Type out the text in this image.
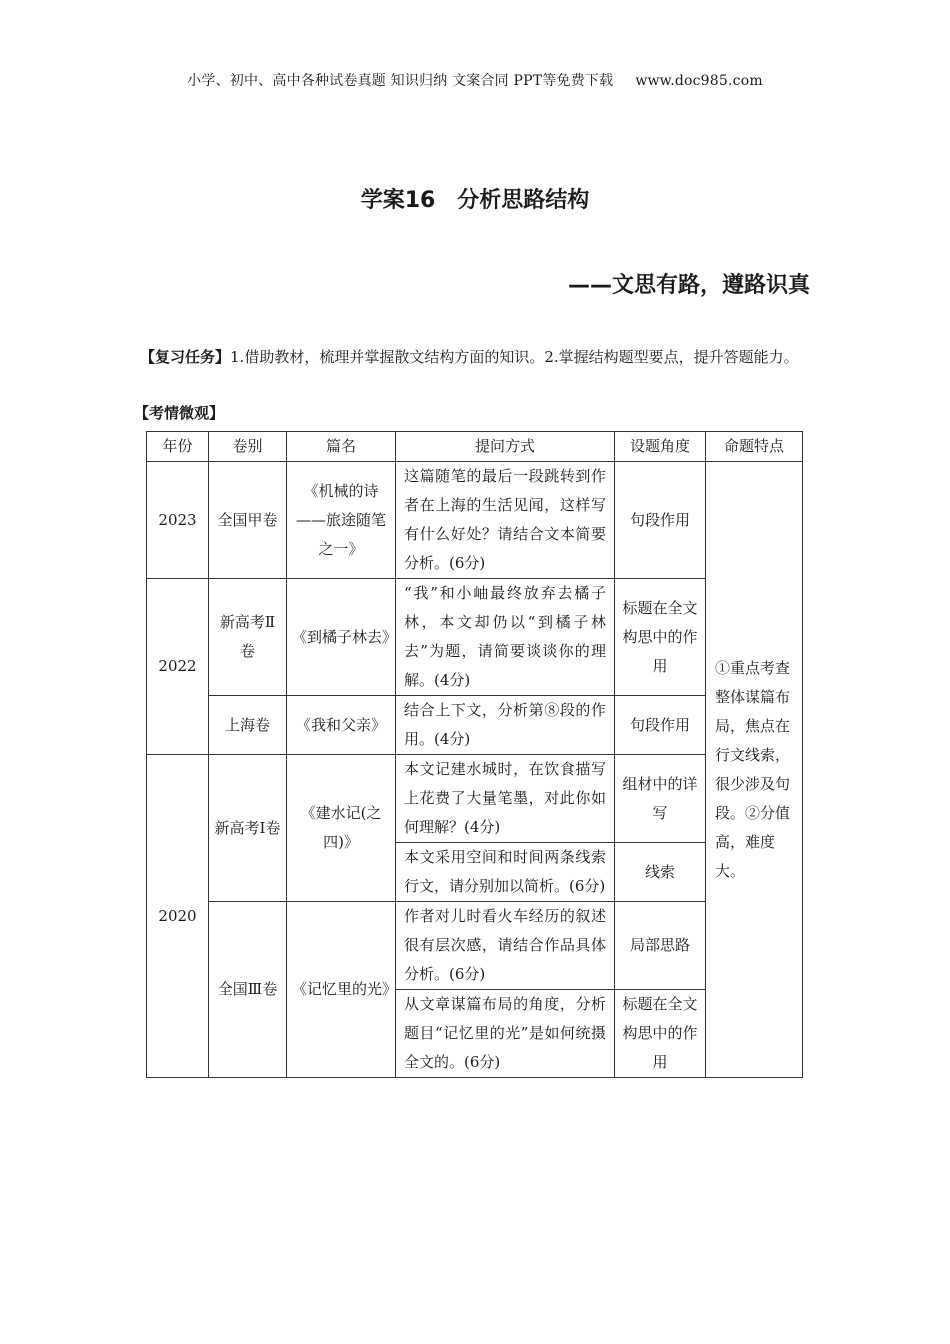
小学、初中、高中各种试卷真题 知识归纳 文案合同 PPT等免费下载 www.doc985.com
学案16　分析思路结构
——文思有路，遵路识真
【复习任务】1.借助教材，梳理并掌握散文结构方面的知识。2.掌握结构题型要点，提升答题能力。
【考情微观】
年份	卷别	篇名	提问方式	设题角度	命题特点
2023	全国甲卷	《机械的诗——旅途随笔之一》	这篇随笔的最后一段跳转到作者在上海的生活见闻，这样写有什么好处？请结合文本简要分析。(6分)	句段作用	①重点考查整体谋篇布局，焦点在行文线索，很少涉及句段。②分值高，难度大。
2022	新高考Ⅱ卷	《到橘子林去》	“我”和小岫最终放弃去橘子林，本文却仍以“到橘子林去”为题，请简要谈谈你的理解。(4分)	标题在全文构思中的作用	
	上海卷	《我和父亲》	结合上下文，分析第⑧段的作用。(4分)	句段作用	
2020	新高考Ⅰ卷	《建水记(之四)》	本文记建水城时，在饮食描写上花费了大量笔墨，对此你如何理解？(4分)	组材中的详写	
			本文采用空间和时间两条线索行文，请分别加以简析。(6分)	线索	
	全国Ⅲ卷	《记忆里的光》	作者对儿时看火车经历的叙述很有层次感，请结合作品具体分析。(6分)	局部思路	
			从文章谋篇布局的角度，分析题目“记忆里的光”是如何统摄全文的。(6分)	标题在全文构思中的作用	
